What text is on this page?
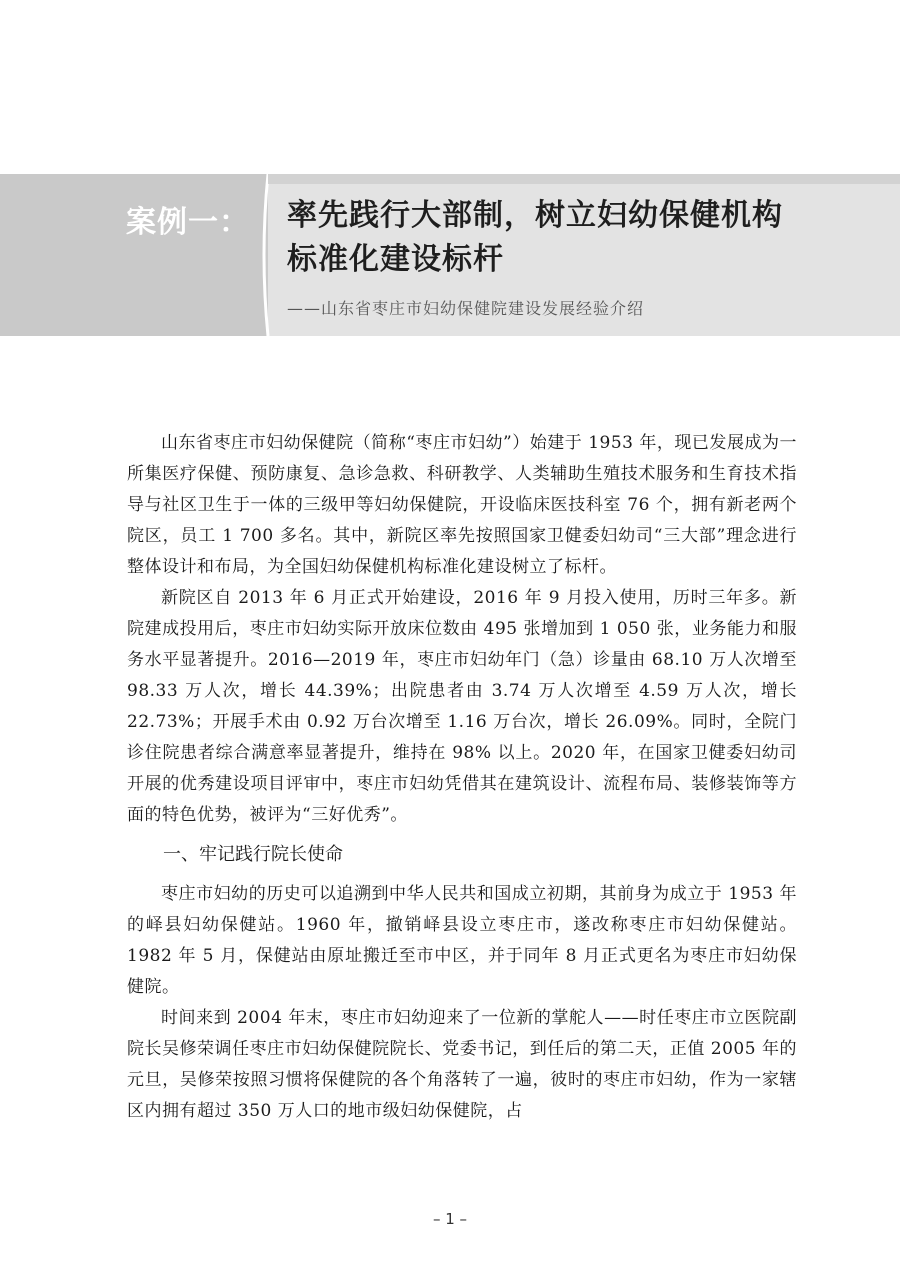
案例一： 率先践行大部制，树立妇幼保健机构
标准化建设标杆
——山东省枣庄市妇幼保健院建设发展经验介绍

山东省枣庄市妇幼保健院（简称“枣庄市妇幼”）始建于 1953 年，现已发展成为一所集医疗保健、预防康复、急诊急救、科研教学、人类辅助生殖技术服务和生育技术指导与社区卫生于一体的三级甲等妇幼保健院，开设临床医技科室 76 个，拥有新老两个院区，员工 1 700 多名。其中，新院区率先按照国家卫健委妇幼司“三大部”理念进行整体设计和布局，为全国妇幼保健机构标准化建设树立了标杆。

新院区自 2013 年 6 月正式开始建设，2016 年 9 月投入使用，历时三年多。新院建成投用后，枣庄市妇幼实际开放床位数由 495 张增加到 1 050 张，业务能力和服务水平显著提升。2016—2019 年，枣庄市妇幼年门（急）诊量由 68.10 万人次增至 98.33 万人次，增长 44.39%；出院患者由 3.74 万人次增至 4.59 万人次，增长 22.73%；开展手术由 0.92 万台次增至 1.16 万台次，增长 26.09%。同时，全院门诊住院患者综合满意率显著提升，维持在 98% 以上。2020 年，在国家卫健委妇幼司开展的优秀建设项目评审中，枣庄市妇幼凭借其在建筑设计、流程布局、装修装饰等方面的特色优势，被评为“三好优秀”。

一、牢记践行院长使命

枣庄市妇幼的历史可以追溯到中华人民共和国成立初期，其前身为成立于 1953 年的峄县妇幼保健站。1960 年，撤销峄县设立枣庄市，遂改称枣庄市妇幼保健站。1982 年 5 月，保健站由原址搬迁至市中区，并于同年 8 月正式更名为枣庄市妇幼保健院。

时间来到 2004 年末，枣庄市妇幼迎来了一位新的掌舵人——时任枣庄市立医院副院长吴修荣调任枣庄市妇幼保健院院长、党委书记，到任后的第二天，正值 2005 年的元旦，吴修荣按照习惯将保健院的各个角落转了一遍，彼时的枣庄市妇幼，作为一家辖区内拥有超过 350 万人口的地市级妇幼保健院，占

– 1 –
